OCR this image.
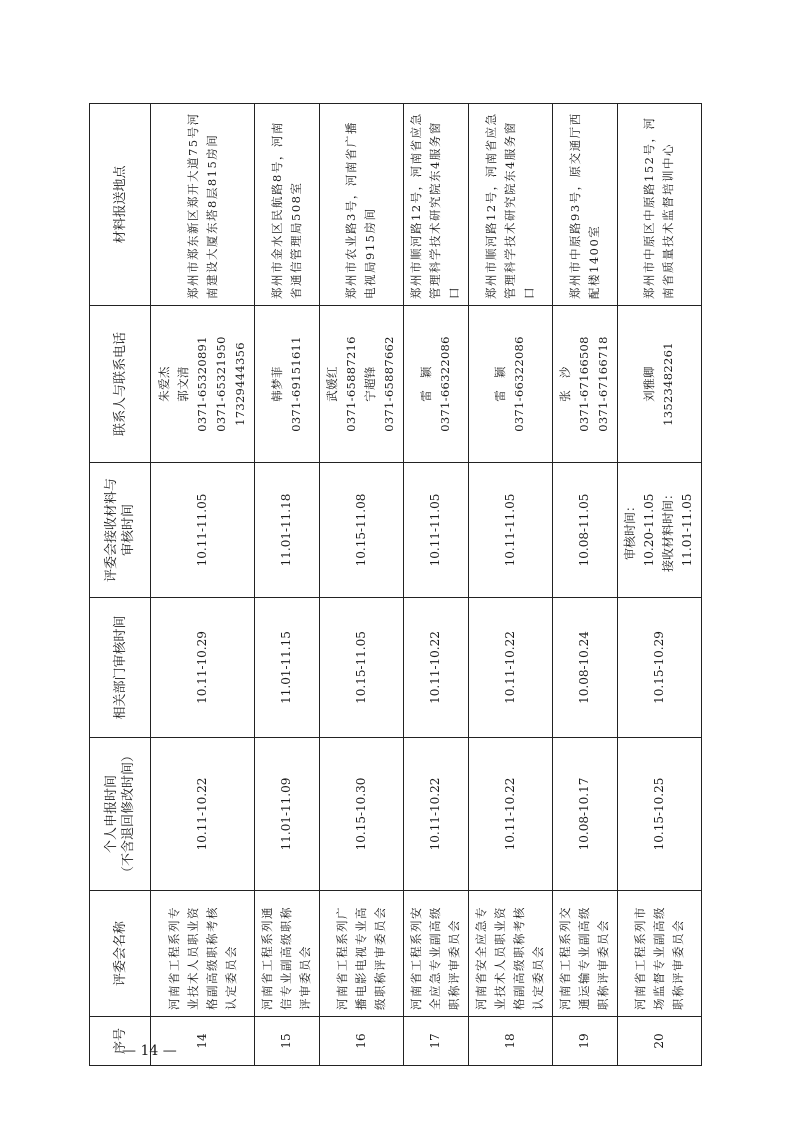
— 14 —
序号	评委会名称	个人申报时间 （不含退回修改时间）	相关部门审核时间	评委会接收材料与 审核时间	联系人与联系电话	材料报送地点
14	河南省工程系列专业技术人员职业资格副高级职称考核认定委员会	10.11-10.22	10.11-10.29	10.11-11.05	朱爱杰 郭文清 0371-65320891 0371-65321950 17329444356	郑州市郑东新区郑开大道75号河南建设大厦东塔8层815房间
15	河南省工程系列通信专业副高级职称评审委员会	11.01-11.09	11.01-11.15	11.01-11.18	韩梦菲 0371-69151611	郑州市金水区民航路8号，河南省通信管理局508室
16	河南省工程系列广播电影电视专业高级职称评审委员会	10.15-10.30	10.15-11.05	10.15-11.08	武媛红 0371-65887216 宁超锋 0371-65887662	郑州市农业路3号，河南省广播电视局915房间
17	河南省工程系列安全应急专业副高级职称评审委员会	10.11-10.22	10.11-10.22	10.11-11.05	雷　颖 0371-66322086	郑州市顺河路12号，河南省应急管理科学技术研究院东4服务窗口
18	河南省安全应急专业技术人员职业资格副高级职称考核认定委员会	10.11-10.22	10.11-10.22	10.11-11.05	雷　颖 0371-66322086	郑州市顺河路12号，河南省应急管理科学技术研究院东4服务窗口
19	河南省工程系列交通运输专业副高级职称评审委员会	10.08-10.17	10.08-10.24	10.08-11.05	张　沙 0371-67166508 0371-67166718	郑州市中原路93号，原交通厅西配楼1400室
20	河南省工程系列市场监督专业副高级职称评审委员会	10.15-10.25	10.15-10.29	审核时间： 10.20-11.05 接收材料时间： 11.01-11.05	刘雅卿 13523482261	郑州市中原区中原路152号，河南省质量技术监督培训中心
